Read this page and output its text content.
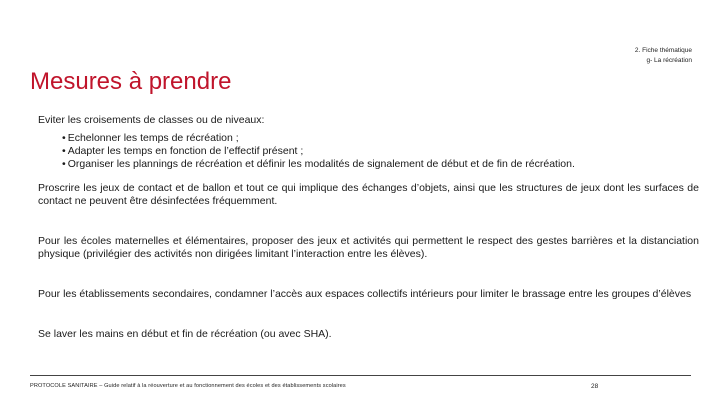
2. Fiche thématique
g- La récréation
Mesures à prendre

Eviter les croisements de classes ou de niveaux:

• Echelonner les temps de récréation ;
• Adapter les temps en fonction de l’effectif présent ;
• Organiser les plannings de récréation et définir les modalités de signalement de début et de fin de récréation.

Proscrire les jeux de contact et de ballon et tout ce qui implique des échanges d’objets, ainsi que les structures de jeux dont les surfaces de contact ne peuvent être désinfectées fréquemment.

Pour les écoles maternelles et élémentaires, proposer des jeux et activités qui permettent le respect des gestes barrières et la distanciation physique (privilégier des activités non dirigées limitant l’interaction entre les élèves).

Pour les établissements secondaires, condamner l’accès aux espaces collectifs intérieurs pour limiter le brassage entre les groupes d’élèves

Se laver les mains en début et fin de récréation (ou avec SHA).

PROTOCOLE SANITAIRE – Guide relatif à la réouverture et au fonctionnement des écoles et des établissements scolaires	28
